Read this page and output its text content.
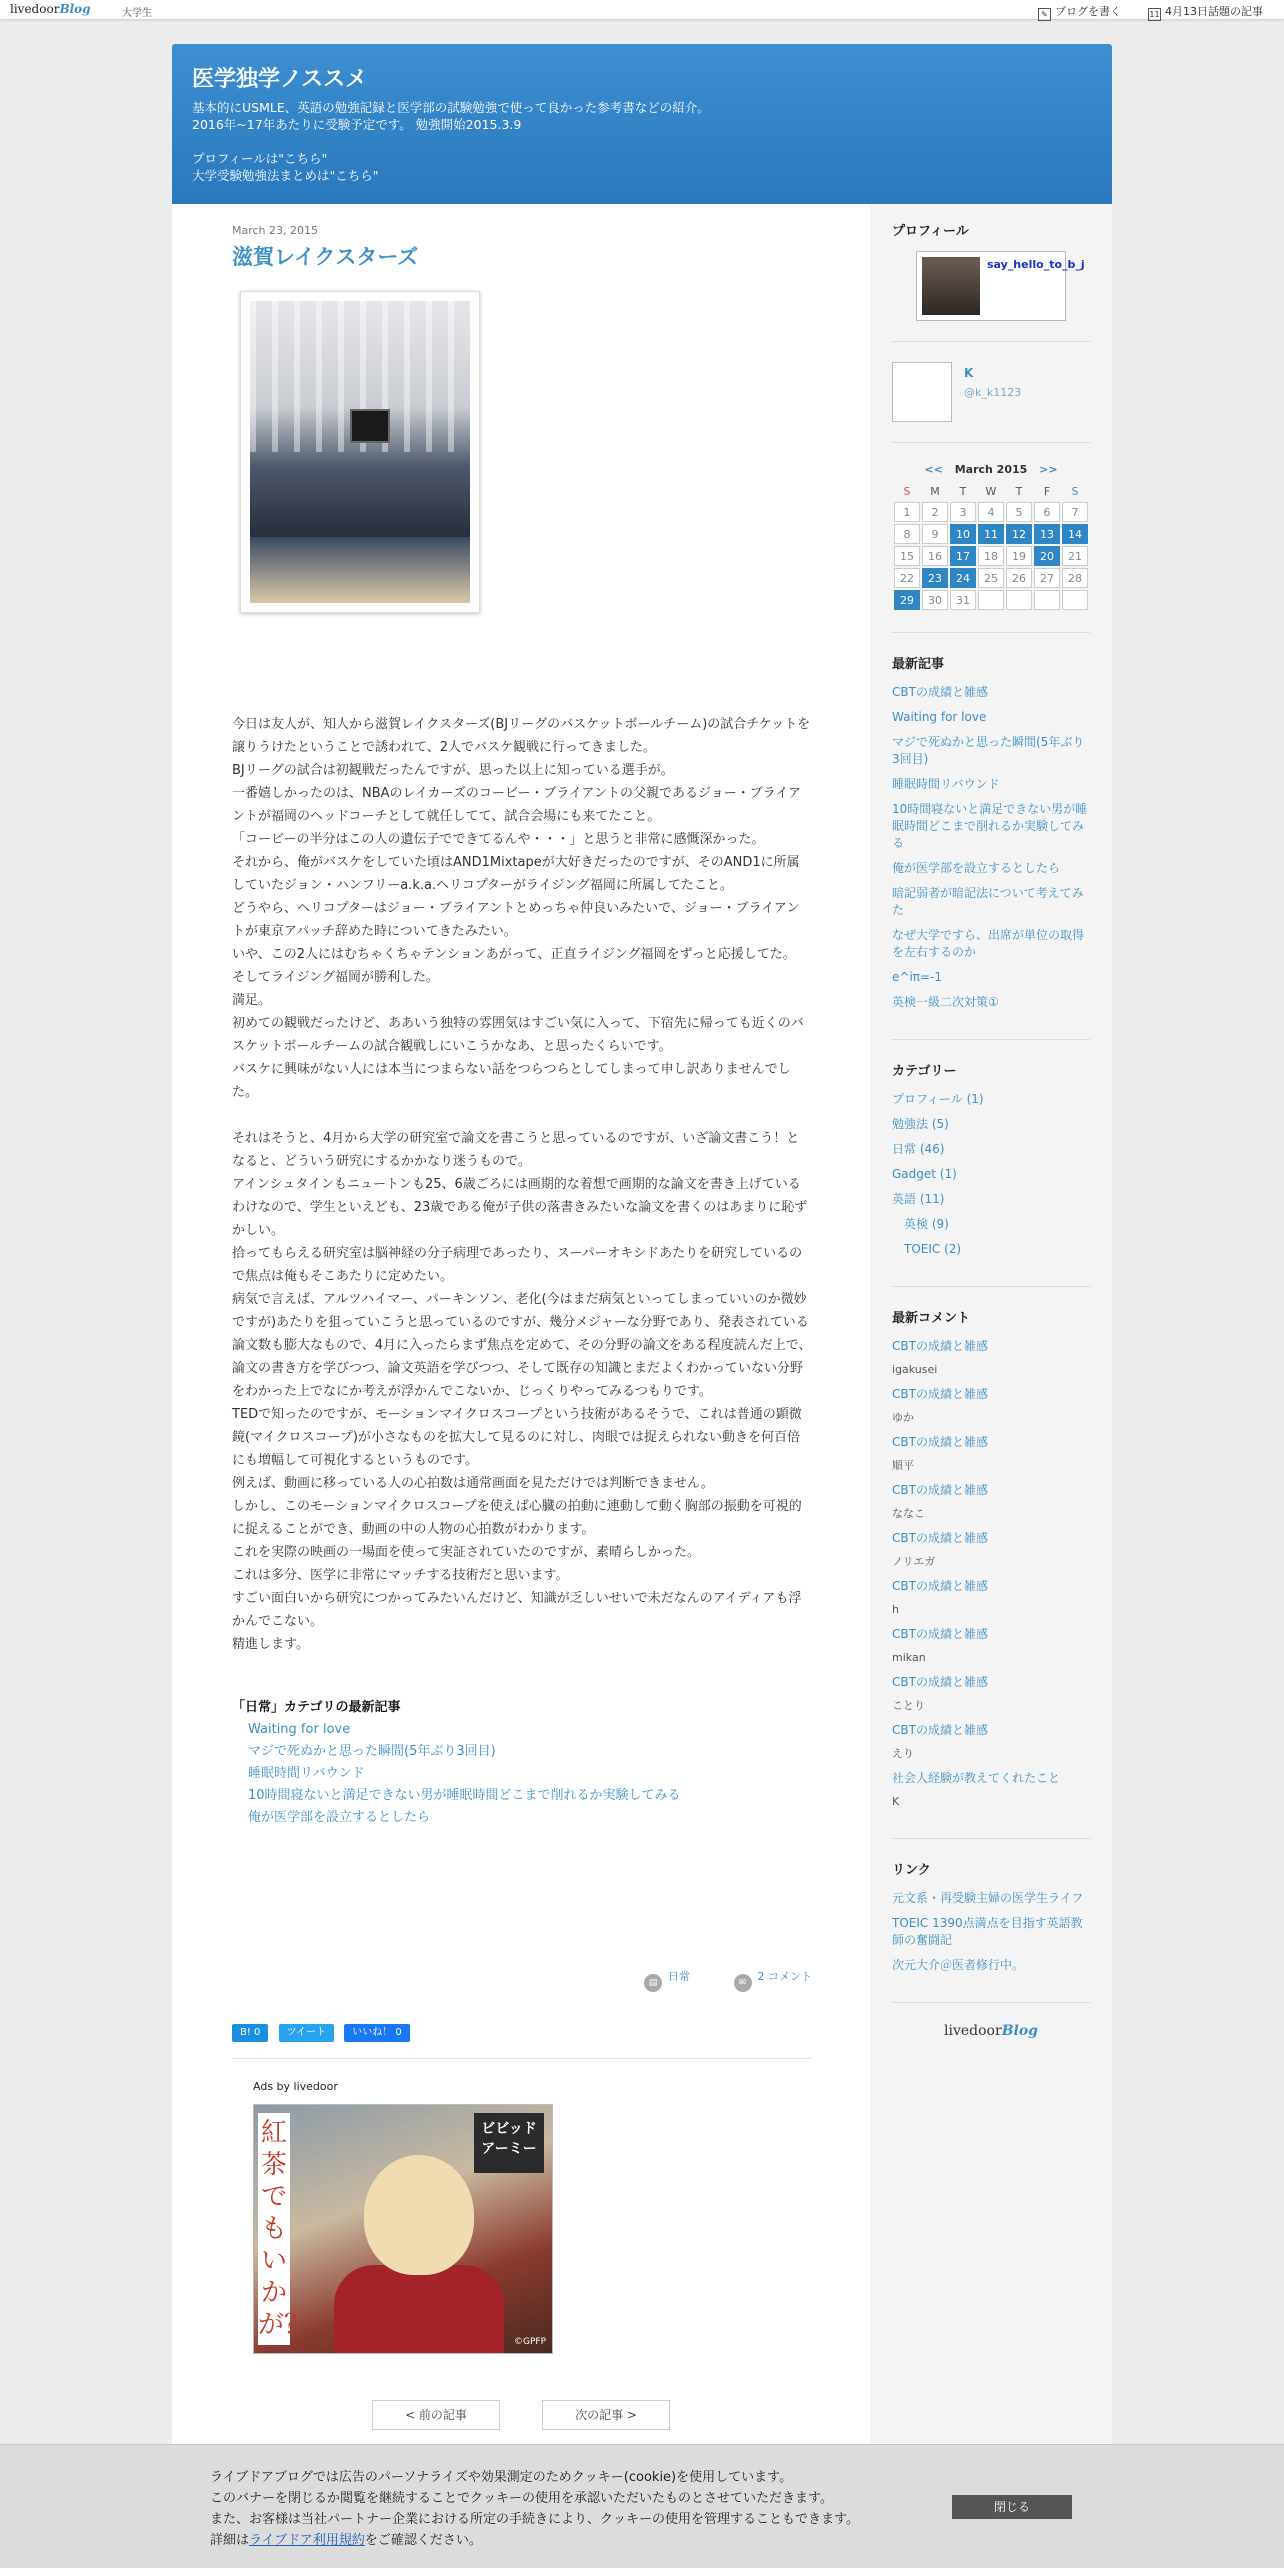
livedoorBlog	大学生	✎ ブログを書く	11 4月13日話題の記事
医学独学ノススメ

基本的にUSMLE、英語の勉強記録と医学部の試験勉強で使って良かった参考書などの紹介。

2016年~17年あたりに受験予定です。 勉強開始2015.3.9

プロフィールは"こちら"

大学受験勉強法まとめは"こちら"

March 23, 2015
滋賀レイクスターズ

今日は友人が、知人から滋賀レイクスターズ(BJリーグのバスケットボールチーム)の試合チケットを譲りうけたということで誘われて、2人でバスケ観戦に行ってきました。

BJリーグの試合は初観戦だったんですが、思った以上に知っている選手が。

一番嬉しかったのは、NBAのレイカーズのコービー・ブライアントの父親であるジョー・ブライアントが福岡のヘッドコーチとして就任してて、試合会場にも来てたこと。

「コービーの半分はこの人の遺伝子でできてるんや・・・」と思うと非常に感慨深かった。

それから、俺がバスケをしていた頃はAND1Mixtapeが大好きだったのですが、そのAND1に所属していたジョン・ハンフリーa.k.a.ヘリコプターがライジング福岡に所属してたこと。

どうやら、ヘリコプターはジョー・ブライアントとめっちゃ仲良いみたいで、ジョー・ブライアントが東京アパッチ辞めた時についてきたみたい。

いや、この2人にはむちゃくちゃテンションあがって、正直ライジング福岡をずっと応援してた。

そしてライジング福岡が勝利した。

満足。

初めての観戦だったけど、ああいう独特の雰囲気はすごい気に入って、下宿先に帰っても近くのバスケットボールチームの試合観戦しにいこうかなあ、と思ったくらいです。

バスケに興味がない人には本当につまらない話をつらつらとしてしまって申し訳ありませんでした。

それはそうと、4月から大学の研究室で論文を書こうと思っているのですが、いざ論文書こう！となると、どういう研究にするかかなり迷うもので。

アインシュタインもニュートンも25、6歳ごろには画期的な着想で画期的な論文を書き上げているわけなので、学生といえども、23歳である俺が子供の落書きみたいな論文を書くのはあまりに恥ずかしい。

拾ってもらえる研究室は脳神経の分子病理であったり、スーパーオキシドあたりを研究しているので焦点は俺もそこあたりに定めたい。

病気で言えば、アルツハイマー、パーキンソン、老化(今はまだ病気といってしまっていいのか微妙ですが)あたりを狙っていこうと思っているのですが、幾分メジャーな分野であり、発表されている論文数も膨大なもので、4月に入ったらまず焦点を定めて、その分野の論文をある程度読んだ上で、論文の書き方を学びつつ、論文英語を学びつつ、そして既存の知識とまだよくわかっていない分野をわかった上でなにか考えが浮かんでこないか、じっくりやってみるつもりです。

TEDで知ったのですが、モーションマイクロスコープという技術があるそうで、これは普通の顕微鏡(マイクロスコープ)が小さなものを拡大して見るのに対し、肉眼では捉えられない動きを何百倍にも増幅して可視化するというものです。

例えば、動画に移っている人の心拍数は通常画面を見ただけでは判断できません。

しかし、このモーションマイクロスコープを使えば心臓の拍動に連動して動く胸部の振動を可視的に捉えることができ、動画の中の人物の心拍数がわかります。

これを実際の映画の一場面を使って実証されていたのですが、素晴らしかった。

これは多分、医学に非常にマッチする技術だと思います。

すごい面白いから研究につかってみたいんだけど、知識が乏しいせいで未だなんのアイディアも浮かんでこない。

精進します。

「日常」カテゴリの最新記事
Waiting for love
マジで死ぬかと思った瞬間(5年ぶり3回目)
睡眠時間リバウンド
10時間寝ないと満足できない男が睡眠時間どこまで削れるか実験してみる
俺が医学部を設立するとしたら
▤ 日常	✉ 2 コメント
B! 0	ツイート	いいね！ 0
Ads by livedoor
紅茶でもいかが？
ビビッド アーミー
©GPFP
< 前の記事	次の記事 >
プロフィール
say_hello_to_b_j
K
@k_k1123
<< March 2015 >>
S	M	T	W	T	F	S
1	2	3	4	5	6	7
8	9	10	11	12	13	14
15	16	17	18	19	20	21
22	23	24	25	26	27	28
29	30	31				
最新記事
CBTの成績と雑感
Waiting for love
マジで死ぬかと思った瞬間(5年ぶり3回目)
睡眠時間リバウンド
10時間寝ないと満足できない男が睡眠時間どこまで削れるか実験してみる
俺が医学部を設立するとしたら
暗記弱者が暗記法について考えてみた
なぜ大学ですら、出席が単位の取得を左右するのか
e^iπ=-1
英検一級二次対策①
カテゴリー
プロフィール (1)
勉強法 (5)
日常 (46)
Gadget (1)
英語 (11)
英検 (9)
TOEIC (2)
最新コメント
CBTの成績と雑感
igakusei
CBTの成績と雑感
ゆか
CBTの成績と雑感
順平
CBTの成績と雑感
ななこ
CBTの成績と雑感
ノリエガ
CBTの成績と雑感
h
CBTの成績と雑感
mikan
CBTの成績と雑感
ことり
CBTの成績と雑感
えり
社会人経験が教えてくれたこと
K
リンク
元文系・再受験主婦の医学生ライフ
TOEIC 1390点満点を目指す英語教師の奮闘記
次元大介＠医者修行中。
livedoorBlog
ライブドアブログでは広告のパーソナライズや効果測定のためクッキー(cookie)を使用しています。
このバナーを閉じるか閲覧を継続することでクッキーの使用を承認いただいたものとさせていただきます。
また、お客様は当社パートナー企業における所定の手続きにより、クッキーの使用を管理することもできます。
詳細はライブドア利用規約をご確認ください。
閉じる
